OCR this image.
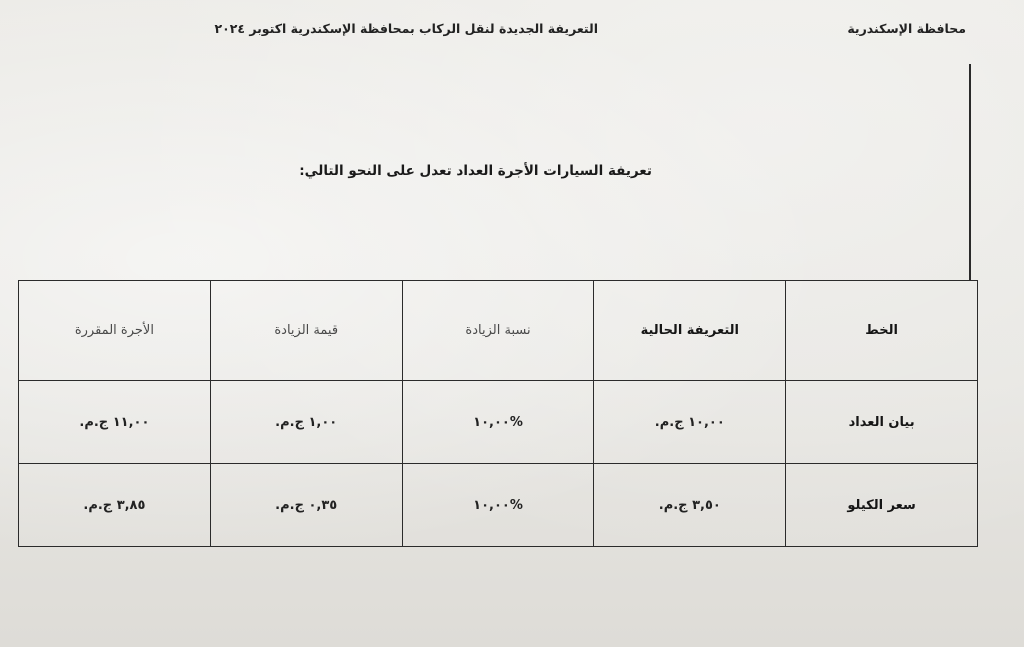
محافظة الإسكندرية
التعريفة الجديدة لنقل الركاب بمحافظة الإسكندرية اكتوبر ٢٠٢٤
تعريفة السيارات الأجرة العداد تعدل على النحو التالي:
الخط	التعريفة الحالية	نسبة الزيادة	قيمة الزيادة	الأجرة المقررة
بيان العداد	١٠,٠٠ ج.م.	%١٠,٠٠	١,٠٠ ج.م.	١١,٠٠ ج.م.
سعر الكيلو	٣,٥٠ ج.م.	%١٠,٠٠	٠,٣٥ ج.م.	٣,٨٥ ج.م.
